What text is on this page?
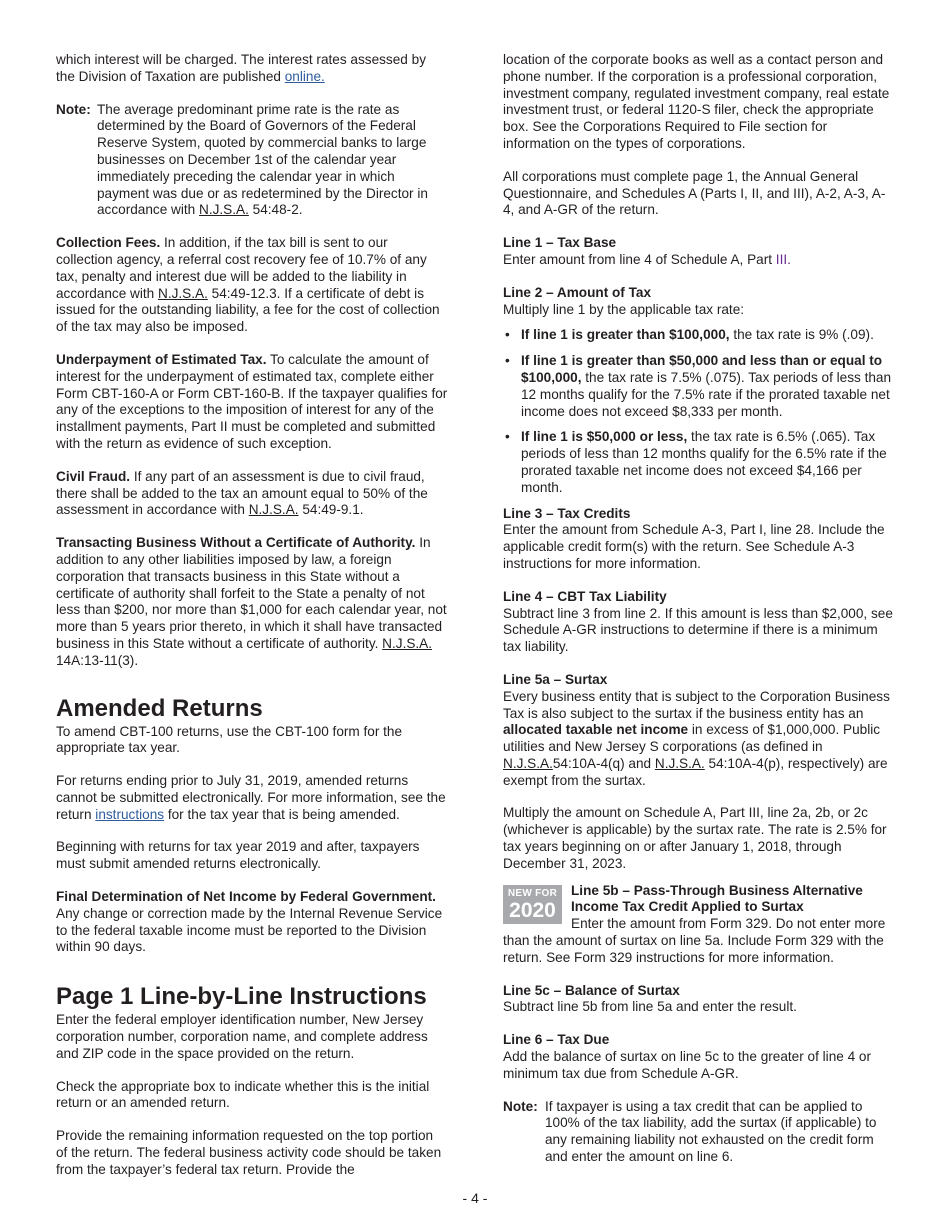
which interest will be charged. The interest rates assessed by the Division of Taxation are published online.

Note: The average predominant prime rate is the rate as determined by the Board of Governors of the Federal Reserve System, quoted by commercial banks to large businesses on December 1st of the calendar year immediately preceding the calendar year in which payment was due or as redetermined by the Director in accordance with N.J.S.A. 54:48-2.

Collection Fees. In addition, if the tax bill is sent to our collection agency, a referral cost recovery fee of 10.7% of any tax, penalty and interest due will be added to the liability in accordance with N.J.S.A. 54:49-12.3. If a certificate of debt is issued for the outstanding liability, a fee for the cost of collection of the tax may also be imposed.

Underpayment of Estimated Tax. To calculate the amount of interest for the underpayment of estimated tax, complete either Form CBT-160-A or Form CBT-160-B. If the taxpayer qualifies for any of the exceptions to the imposition of interest for any of the installment payments, Part II must be completed and submitted with the return as evidence of such exception.

Civil Fraud. If any part of an assessment is due to civil fraud, there shall be added to the tax an amount equal to 50% of the assessment in accordance with N.J.S.A. 54:49-9.1.

Transacting Business Without a Certificate of Authority. In addition to any other liabilities imposed by law, a foreign corporation that transacts business in this State without a certificate of authority shall forfeit to the State a penalty of not less than $200, nor more than $1,000 for each calendar year, not more than 5 years prior thereto, in which it shall have transacted business in this State without a certificate of authority. N.J.S.A. 14A:13-11(3).

Amended Returns

To amend CBT-100 returns, use the CBT-100 form for the appropriate tax year.

For returns ending prior to July 31, 2019, amended returns cannot be submitted electronically. For more information, see the return instructions for the tax year that is being amended.

Beginning with returns for tax year 2019 and after, taxpayers must submit amended returns electronically.

Final Determination of Net Income by Federal Government. Any change or correction made by the Internal Revenue Service to the federal taxable income must be reported to the Division within 90 days.

Page 1 Line-by-Line Instructions

Enter the federal employer identification number, New Jersey corporation number, corporation name, and complete address and ZIP code in the space provided on the return.

Check the appropriate box to indicate whether this is the initial return or an amended return.

Provide the remaining information requested on the top portion of the return. The federal business activity code should be taken from the taxpayer’s federal tax return. Provide the

location of the corporate books as well as a contact person and phone number. If the corporation is a professional corporation, investment company, regulated investment company, real estate investment trust, or federal 1120-S filer, check the appropriate box. See the Corporations Required to File section for information on the types of corporations.

All corporations must complete page 1, the Annual General Questionnaire, and Schedules A (Parts I, II, and III), A-2, A-3, A-4, and A-GR of the return.

Line 1 – Tax Base
Enter amount from line 4 of Schedule A, Part III.

Line 2 – Amount of Tax
Multiply line 1 by the applicable tax rate:

• If line 1 is greater than $100,000, the tax rate is 9% (.09).
• If line 1 is greater than $50,000 and less than or equal to $100,000, the tax rate is 7.5% (.075). Tax periods of less than 12 months qualify for the 7.5% rate if the prorated taxable net income does not exceed $8,333 per month.
• If line 1 is $50,000 or less, the tax rate is 6.5% (.065). Tax periods of less than 12 months qualify for the 6.5% rate if the prorated taxable net income does not exceed $4,166 per month.

Line 3 – Tax Credits
Enter the amount from Schedule A-3, Part I, line 28. Include the applicable credit form(s) with the return. See Schedule A-3 instructions for more information.

Line 4 – CBT Tax Liability
Subtract line 3 from line 2. If this amount is less than $2,000, see Schedule A-GR instructions to determine if there is a minimum tax liability.

Line 5a – Surtax
Every business entity that is subject to the Corporation Business Tax is also subject to the surtax if the business entity has an allocated taxable net income in excess of $1,000,000. Public utilities and New Jersey S corporations (as defined in N.J.S.A.54:10A-4(q) and N.J.S.A. 54:10A-4(p), respectively) are exempt from the surtax.

Multiply the amount on Schedule A, Part III, line 2a, 2b, or 2c (whichever is applicable) by the surtax rate. The rate is 2.5% for tax years beginning on or after January 1, 2018, through December 31, 2023.

NEW FOR
2020
Line 5b – Pass-Through Business Alternative Income Tax Credit Applied to Surtax
Enter the amount from Form 329. Do not enter more than the amount of surtax on line 5a. Include Form 329 with the return. See Form 329 instructions for more information.

Line 5c – Balance of Surtax
Subtract line 5b from line 5a and enter the result.

Line 6 – Tax Due
Add the balance of surtax on line 5c to the greater of line 4 or minimum tax due from Schedule A-GR.

Note: If taxpayer is using a tax credit that can be applied to 100% of the tax liability, add the surtax (if applicable) to any remaining liability not exhausted on the credit form and enter the amount on line 6.
- 4 -
